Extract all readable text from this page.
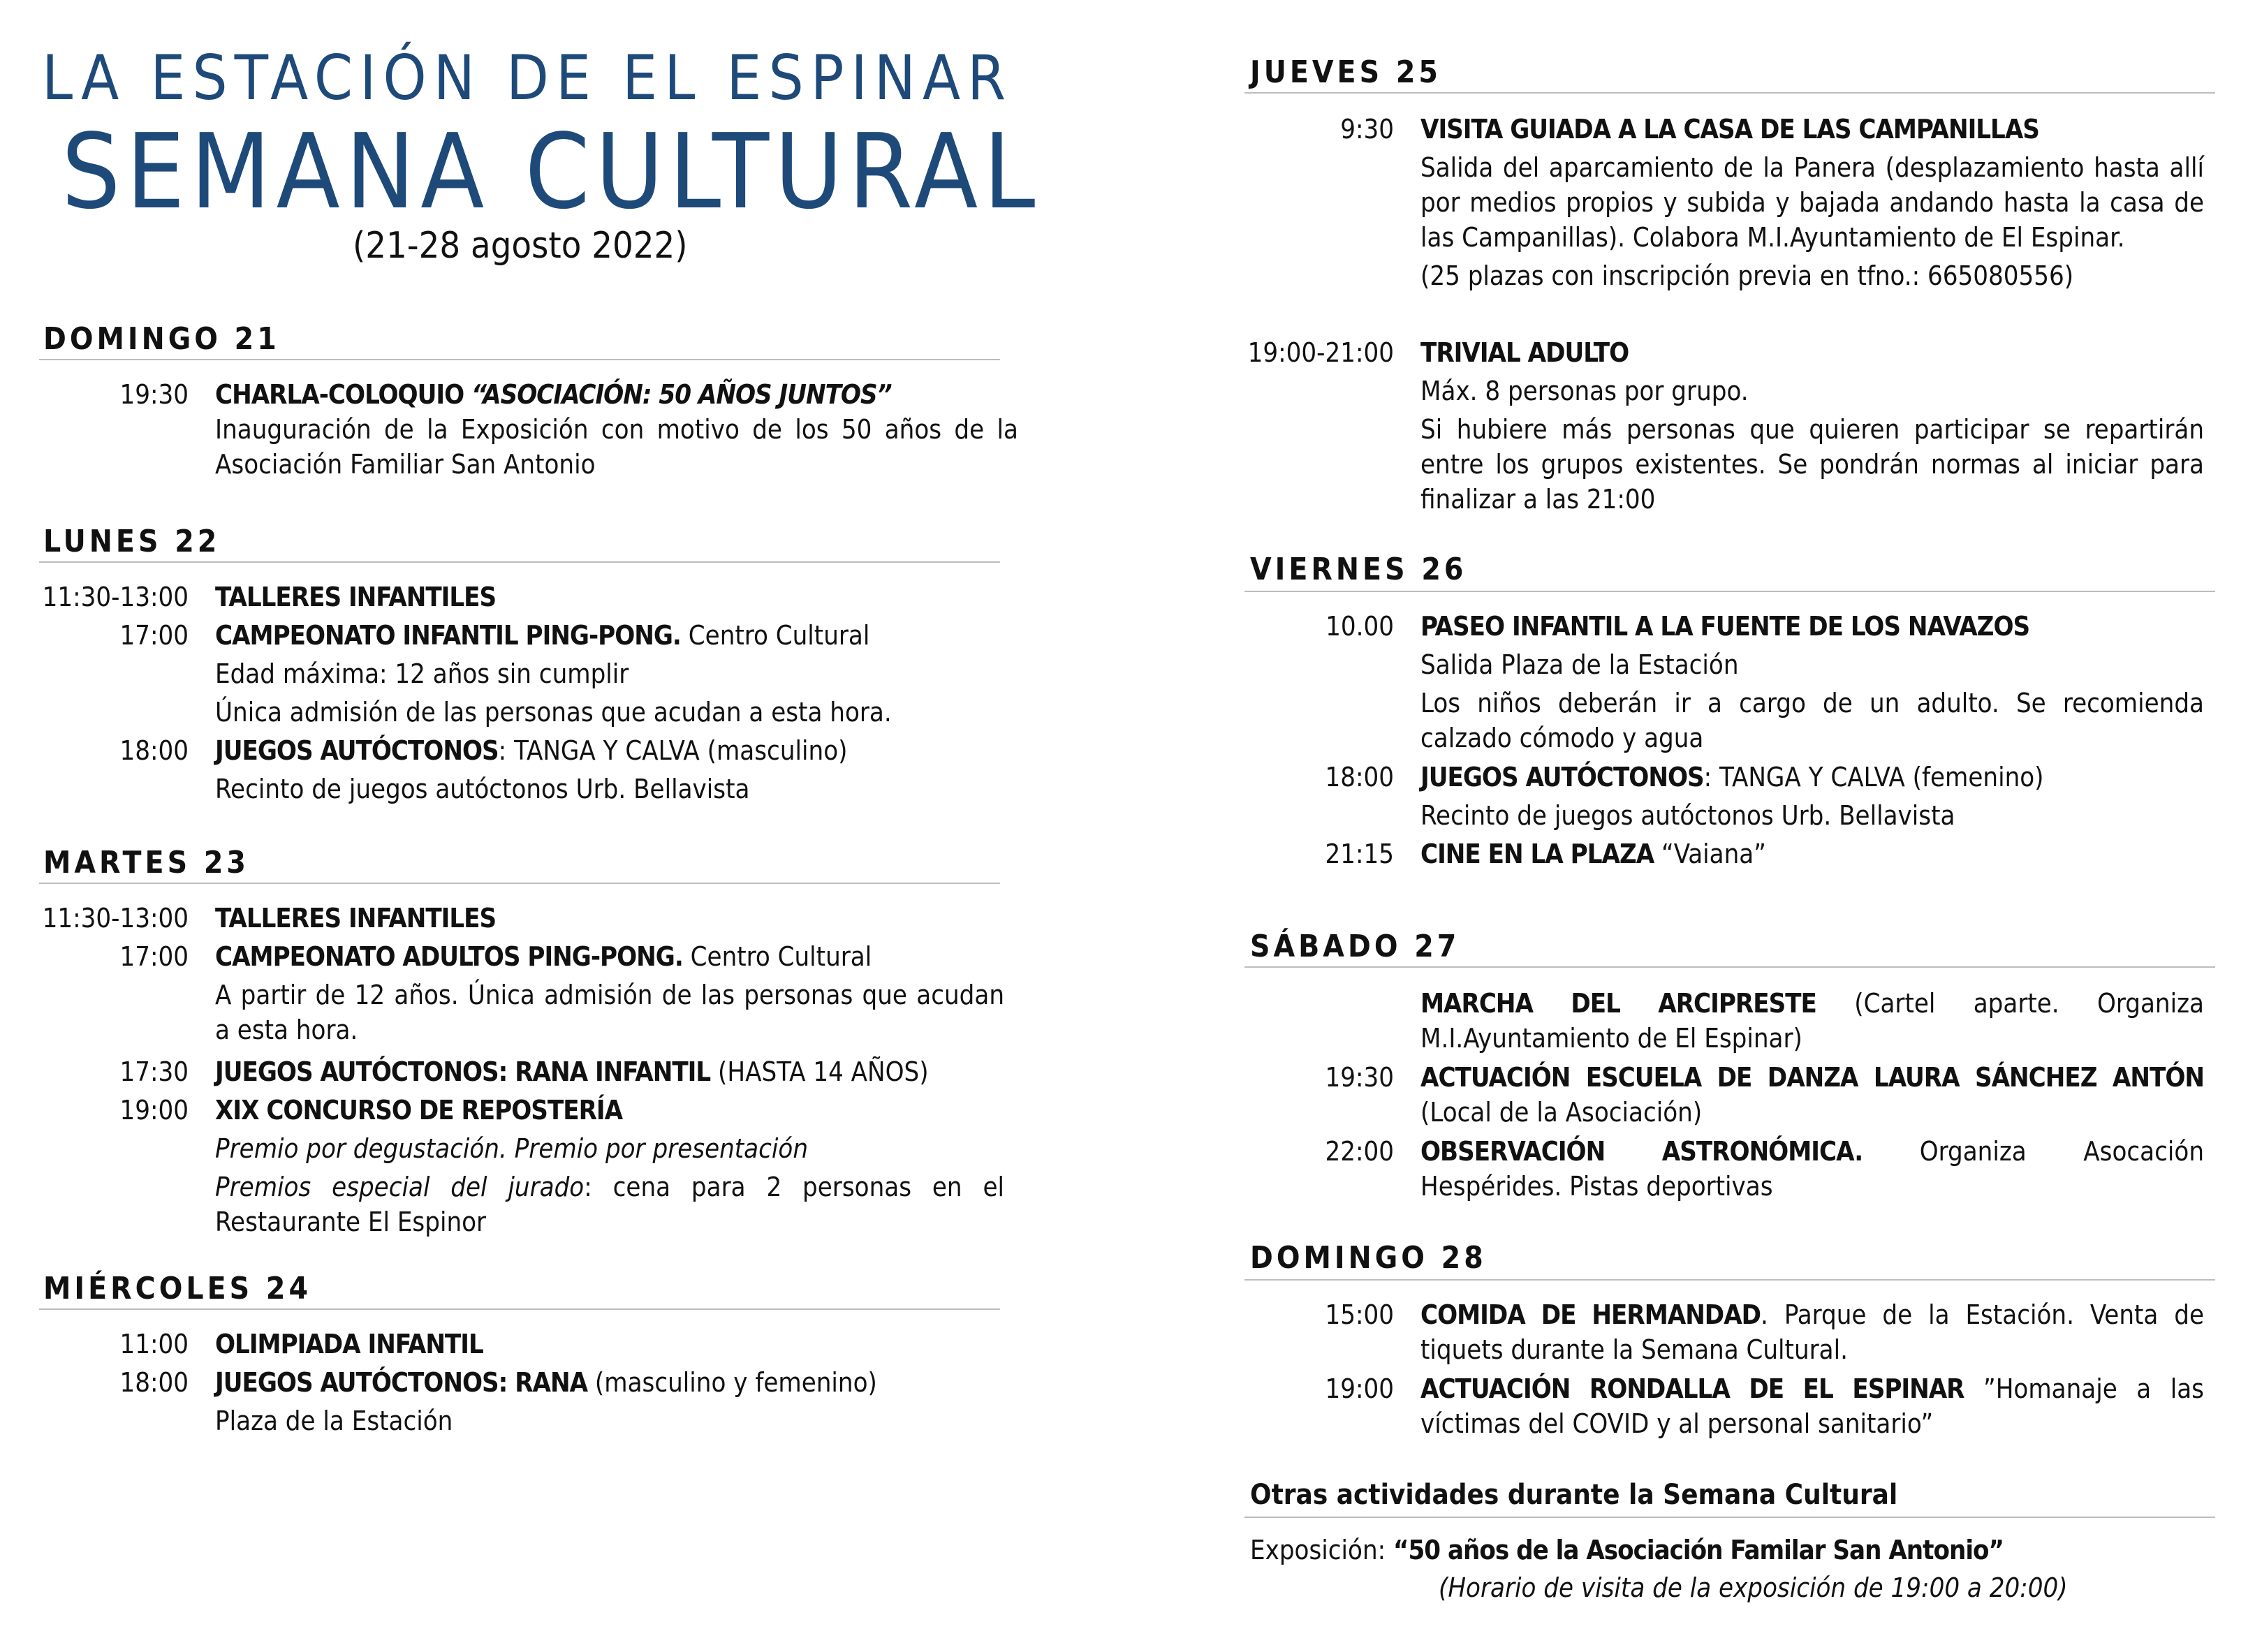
LA ESTACIÓN DE EL ESPINAR
SEMANA CULTURAL
(21-28 agosto 2022)
DOMINGO 21
19:30 CHARLA-COLOQUIO “ASOCIACIÓN: 50 AÑOS JUNTOS”

Inauguración de la Exposición con motivo de los 50 años de la Asociación Familiar San Antonio

LUNES 22
11:30-13:00 TALLERES INFANTILES

17:00 CAMPEONATO INFANTIL PING-PONG. Centro Cultural

Edad máxima: 12 años sin cumplir

Única admisión de las personas que acudan a esta hora.

18:00 JUEGOS AUTÓCTONOS: TANGA Y CALVA (masculino)

Recinto de juegos autóctonos Urb. Bellavista

MARTES 23
11:30-13:00 TALLERES INFANTILES

17:00 CAMPEONATO ADULTOS PING-PONG. Centro Cultural

A partir de 12 años. Única admisión de las personas que acudan a esta hora.

17:30 JUEGOS AUTÓCTONOS: RANA INFANTIL (HASTA 14 AÑOS)

19:00 XIX CONCURSO DE REPOSTERÍA

Premio por degustación. Premio por presentación

Premios especial del jurado: cena para 2 personas en el Restaurante El Espinor

MIÉRCOLES 24
11:00 OLIMPIADA INFANTIL

18:00 JUEGOS AUTÓCTONOS: RANA (masculino y femenino)

Plaza de la Estación

JUEVES 25
9:30 VISITA GUIADA A LA CASA DE LAS CAMPANILLAS

Salida del aparcamiento de la Panera (desplazamiento hasta allí por medios propios y subida y bajada andando hasta la casa de las Campanillas). Colabora M.I.Ayuntamiento de El Espinar.

(25 plazas con inscripción previa en tfno.: 665080556)

19:00-21:00 TRIVIAL ADULTO

Máx. 8 personas por grupo.

Si hubiere más personas que quieren participar se repartirán entre los grupos existentes. Se pondrán normas al iniciar para finalizar a las 21:00

VIERNES 26
10.00 PASEO INFANTIL A LA FUENTE DE LOS NAVAZOS

Salida Plaza de la Estación

Los niños deberán ir a cargo de un adulto. Se recomienda calzado cómodo y agua

18:00 JUEGOS AUTÓCTONOS: TANGA Y CALVA (femenino)

Recinto de juegos autóctonos Urb. Bellavista

21:15 CINE EN LA PLAZA “Vaiana”

SÁBADO 27

MARCHA DEL ARCIPRESTE (Cartel aparte. Organiza M.I.Ayuntamiento de El Espinar)

19:30 ACTUACIÓN ESCUELA DE DANZA LAURA SÁNCHEZ ANTÓN (Local de la Asociación)

22:00 OBSERVACIÓN ASTRONÓMICA. Organiza Asocación Hespérides. Pistas deportivas

DOMINGO 28
15:00 COMIDA DE HERMANDAD. Parque de la Estación. Venta de tiquets durante la Semana Cultural.

19:00 ACTUACIÓN RONDALLA DE EL ESPINAR ”Homanaje a las víctimas del COVID y al personal sanitario”

Otras actividades durante la Semana Cultural
Exposición: “50 años de la Asociación Familar San Antonio”
(Horario de visita de la exposición de 19:00 a 20:00)
